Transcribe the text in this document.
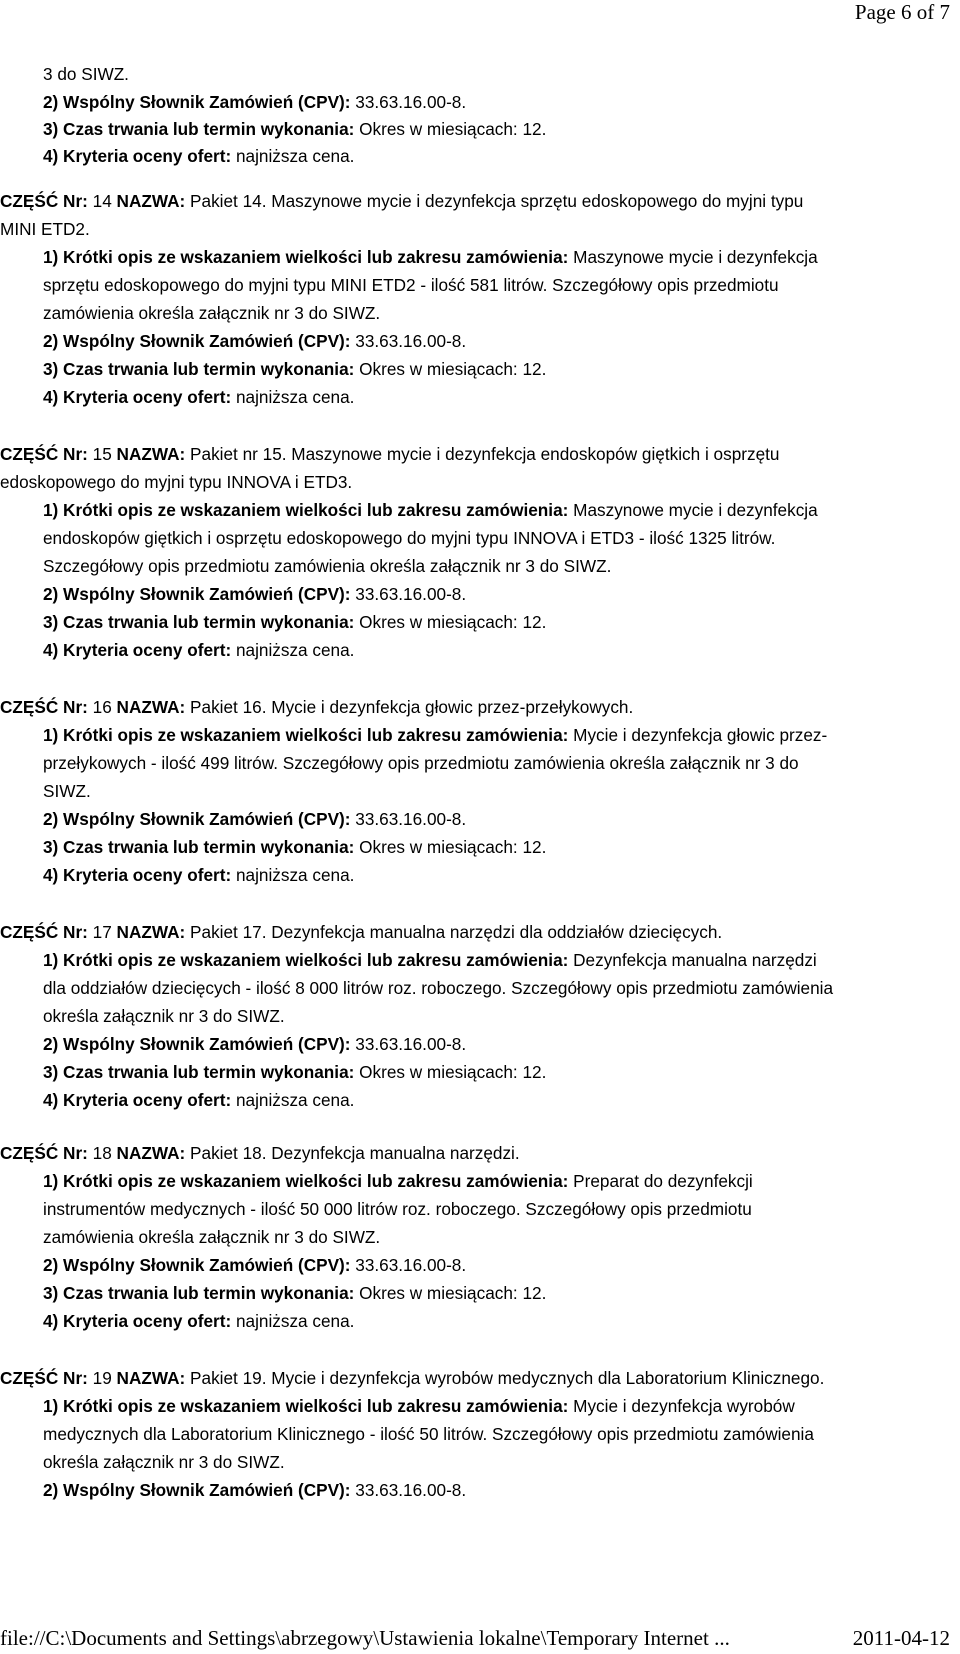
Page 6 of 7
3 do SIWZ.
2) Wspólny Słownik Zamówień (CPV): 33.63.16.00-8.
3) Czas trwania lub termin wykonania: Okres w miesiącach: 12.
4) Kryteria oceny ofert: najniższa cena.
CZĘŚĆ Nr: 14 NAZWA: Pakiet 14. Maszynowe mycie i dezynfekcja sprzętu edoskopowego do myjni typu
MINI ETD2.
1) Krótki opis ze wskazaniem wielkości lub zakresu zamówienia: Maszynowe mycie i dezynfekcja
sprzętu edoskopowego do myjni typu MINI ETD2 - ilość 581 litrów. Szczegółowy opis przedmiotu
zamówienia określa załącznik nr 3 do SIWZ.
2) Wspólny Słownik Zamówień (CPV): 33.63.16.00-8.
3) Czas trwania lub termin wykonania: Okres w miesiącach: 12.
4) Kryteria oceny ofert: najniższa cena.
CZĘŚĆ Nr: 15 NAZWA: Pakiet nr 15. Maszynowe mycie i dezynfekcja endoskopów giętkich i osprzętu
edoskopowego do myjni typu INNOVA i ETD3.
1) Krótki opis ze wskazaniem wielkości lub zakresu zamówienia: Maszynowe mycie i dezynfekcja
endoskopów giętkich i osprzętu edoskopowego do myjni typu INNOVA i ETD3 - ilość 1325 litrów.
Szczegółowy opis przedmiotu zamówienia określa załącznik nr 3 do SIWZ.
2) Wspólny Słownik Zamówień (CPV): 33.63.16.00-8.
3) Czas trwania lub termin wykonania: Okres w miesiącach: 12.
4) Kryteria oceny ofert: najniższa cena.
CZĘŚĆ Nr: 16 NAZWA: Pakiet 16. Mycie i dezynfekcja głowic przez-przełykowych.
1) Krótki opis ze wskazaniem wielkości lub zakresu zamówienia: Mycie i dezynfekcja głowic przez-
przełykowych - ilość 499 litrów. Szczegółowy opis przedmiotu zamówienia określa załącznik nr 3 do
SIWZ.
2) Wspólny Słownik Zamówień (CPV): 33.63.16.00-8.
3) Czas trwania lub termin wykonania: Okres w miesiącach: 12.
4) Kryteria oceny ofert: najniższa cena.
CZĘŚĆ Nr: 17 NAZWA: Pakiet 17. Dezynfekcja manualna narzędzi dla oddziałów dziecięcych.
1) Krótki opis ze wskazaniem wielkości lub zakresu zamówienia: Dezynfekcja manualna narzędzi
dla oddziałów dziecięcych - ilość 8 000 litrów roz. roboczego. Szczegółowy opis przedmiotu zamówienia
określa załącznik nr 3 do SIWZ.
2) Wspólny Słownik Zamówień (CPV): 33.63.16.00-8.
3) Czas trwania lub termin wykonania: Okres w miesiącach: 12.
4) Kryteria oceny ofert: najniższa cena.
CZĘŚĆ Nr: 18 NAZWA: Pakiet 18. Dezynfekcja manualna narzędzi.
1) Krótki opis ze wskazaniem wielkości lub zakresu zamówienia: Preparat do dezynfekcji
instrumentów medycznych - ilość 50 000 litrów roz. roboczego. Szczegółowy opis przedmiotu
zamówienia określa załącznik nr 3 do SIWZ.
2) Wspólny Słownik Zamówień (CPV): 33.63.16.00-8.
3) Czas trwania lub termin wykonania: Okres w miesiącach: 12.
4) Kryteria oceny ofert: najniższa cena.
CZĘŚĆ Nr: 19 NAZWA: Pakiet 19. Mycie i dezynfekcja wyrobów medycznych dla Laboratorium Klinicznego.
1) Krótki opis ze wskazaniem wielkości lub zakresu zamówienia: Mycie i dezynfekcja wyrobów
medycznych dla Laboratorium Klinicznego - ilość 50 litrów. Szczegółowy opis przedmiotu zamówienia
określa załącznik nr 3 do SIWZ.
2) Wspólny Słownik Zamówień (CPV): 33.63.16.00-8.
file://C:\Documents and Settings\abrzegowy\Ustawienia lokalne\Temporary Internet ...	2011-04-12
